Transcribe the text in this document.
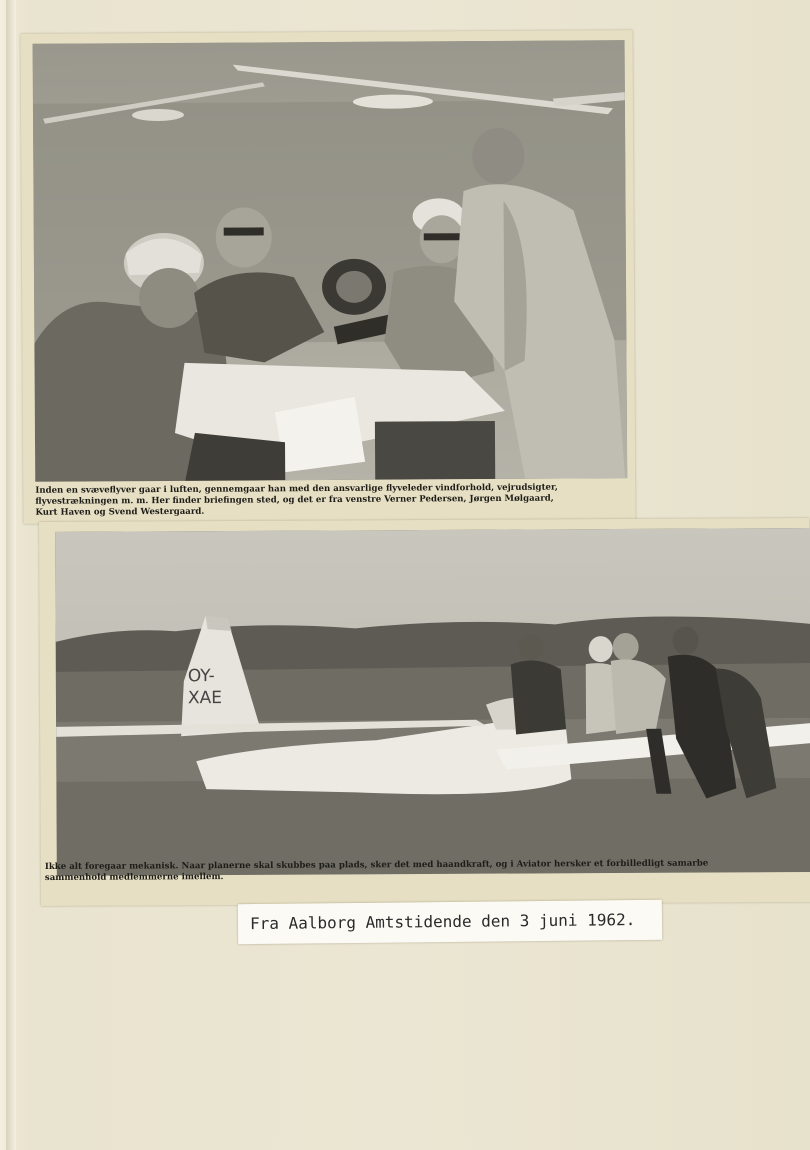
Inden en svæveflyver gaar i luften, gennemgaar han med den ansvarlige flyveleder vindforhold, vejrudsigter,
flyvestrækningen m. m. Her finder briefingen sted, og det er fra venstre Verner Pedersen, Jørgen Mølgaard,
Kurt Haven og Svend Westergaard.

OY-
XAE

Ikke alt foregaar mekanisk. Naar planerne skal skubbes paa plads, sker det med haandkraft, og i Aviator hersker et forbilledligt samarbe
sammenhold medlemmerne imellem.

Fra Aalborg Amtstidende den 3 juni 1962.
